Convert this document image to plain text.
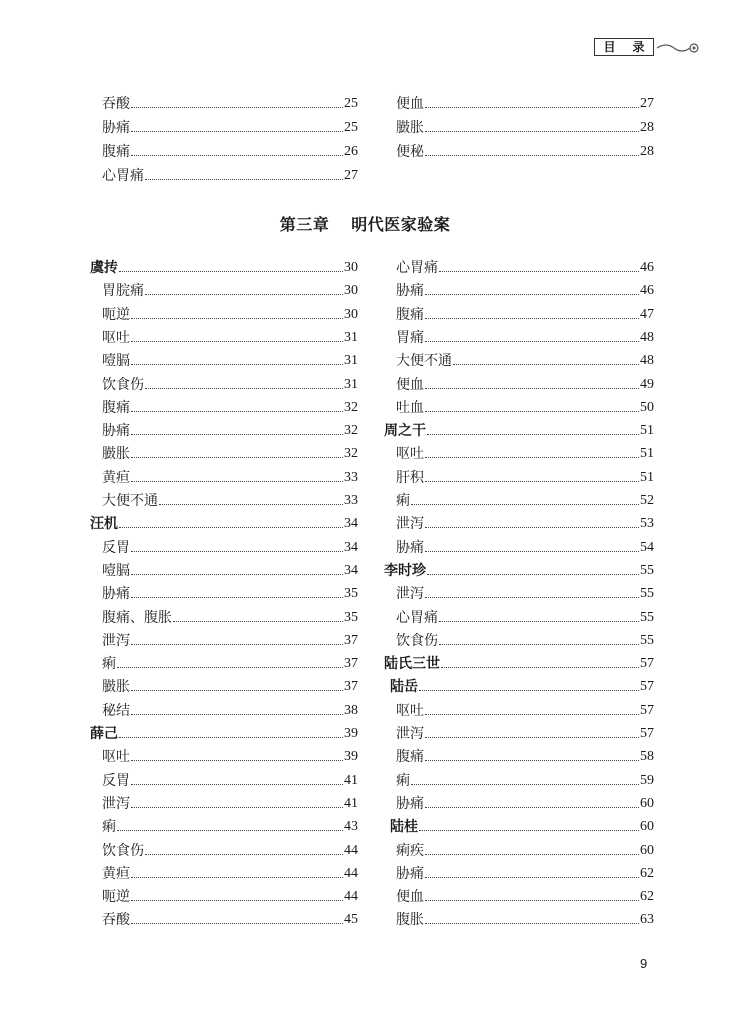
目 录
吞酸	25
胁痛	25
腹痛	26
心胃痛	27
便血	27
臌胀	28
便秘	28
第三章 明代医家验案
虞抟	30
胃脘痛	30
呃逆	30
呕吐	31
噎膈	31
饮食伤	31
腹痛	32
胁痛	32
臌胀	32
黄疸	33
大便不通	33
汪机	34
反胃	34
噎膈	34
胁痛	35
腹痛、腹胀	35
泄泻	37
痢	37
臌胀	37
秘结	38
薛己	39
呕吐	39
反胃	41
泄泻	41
痢	43
饮食伤	44
黄疸	44
呃逆	44
吞酸	45
心胃痛	46
胁痛	46
腹痛	47
胃痛	48
大便不通	48
便血	49
吐血	50
周之干	51
呕吐	51
肝积	51
痢	52
泄泻	53
胁痛	54
李时珍	55
泄泻	55
心胃痛	55
饮食伤	55
陆氏三世	57
陆岳	57
呕吐	57
泄泻	57
腹痛	58
痢	59
胁痛	60
陆桂	60
痢疾	60
胁痛	62
便血	62
腹胀	63
9
